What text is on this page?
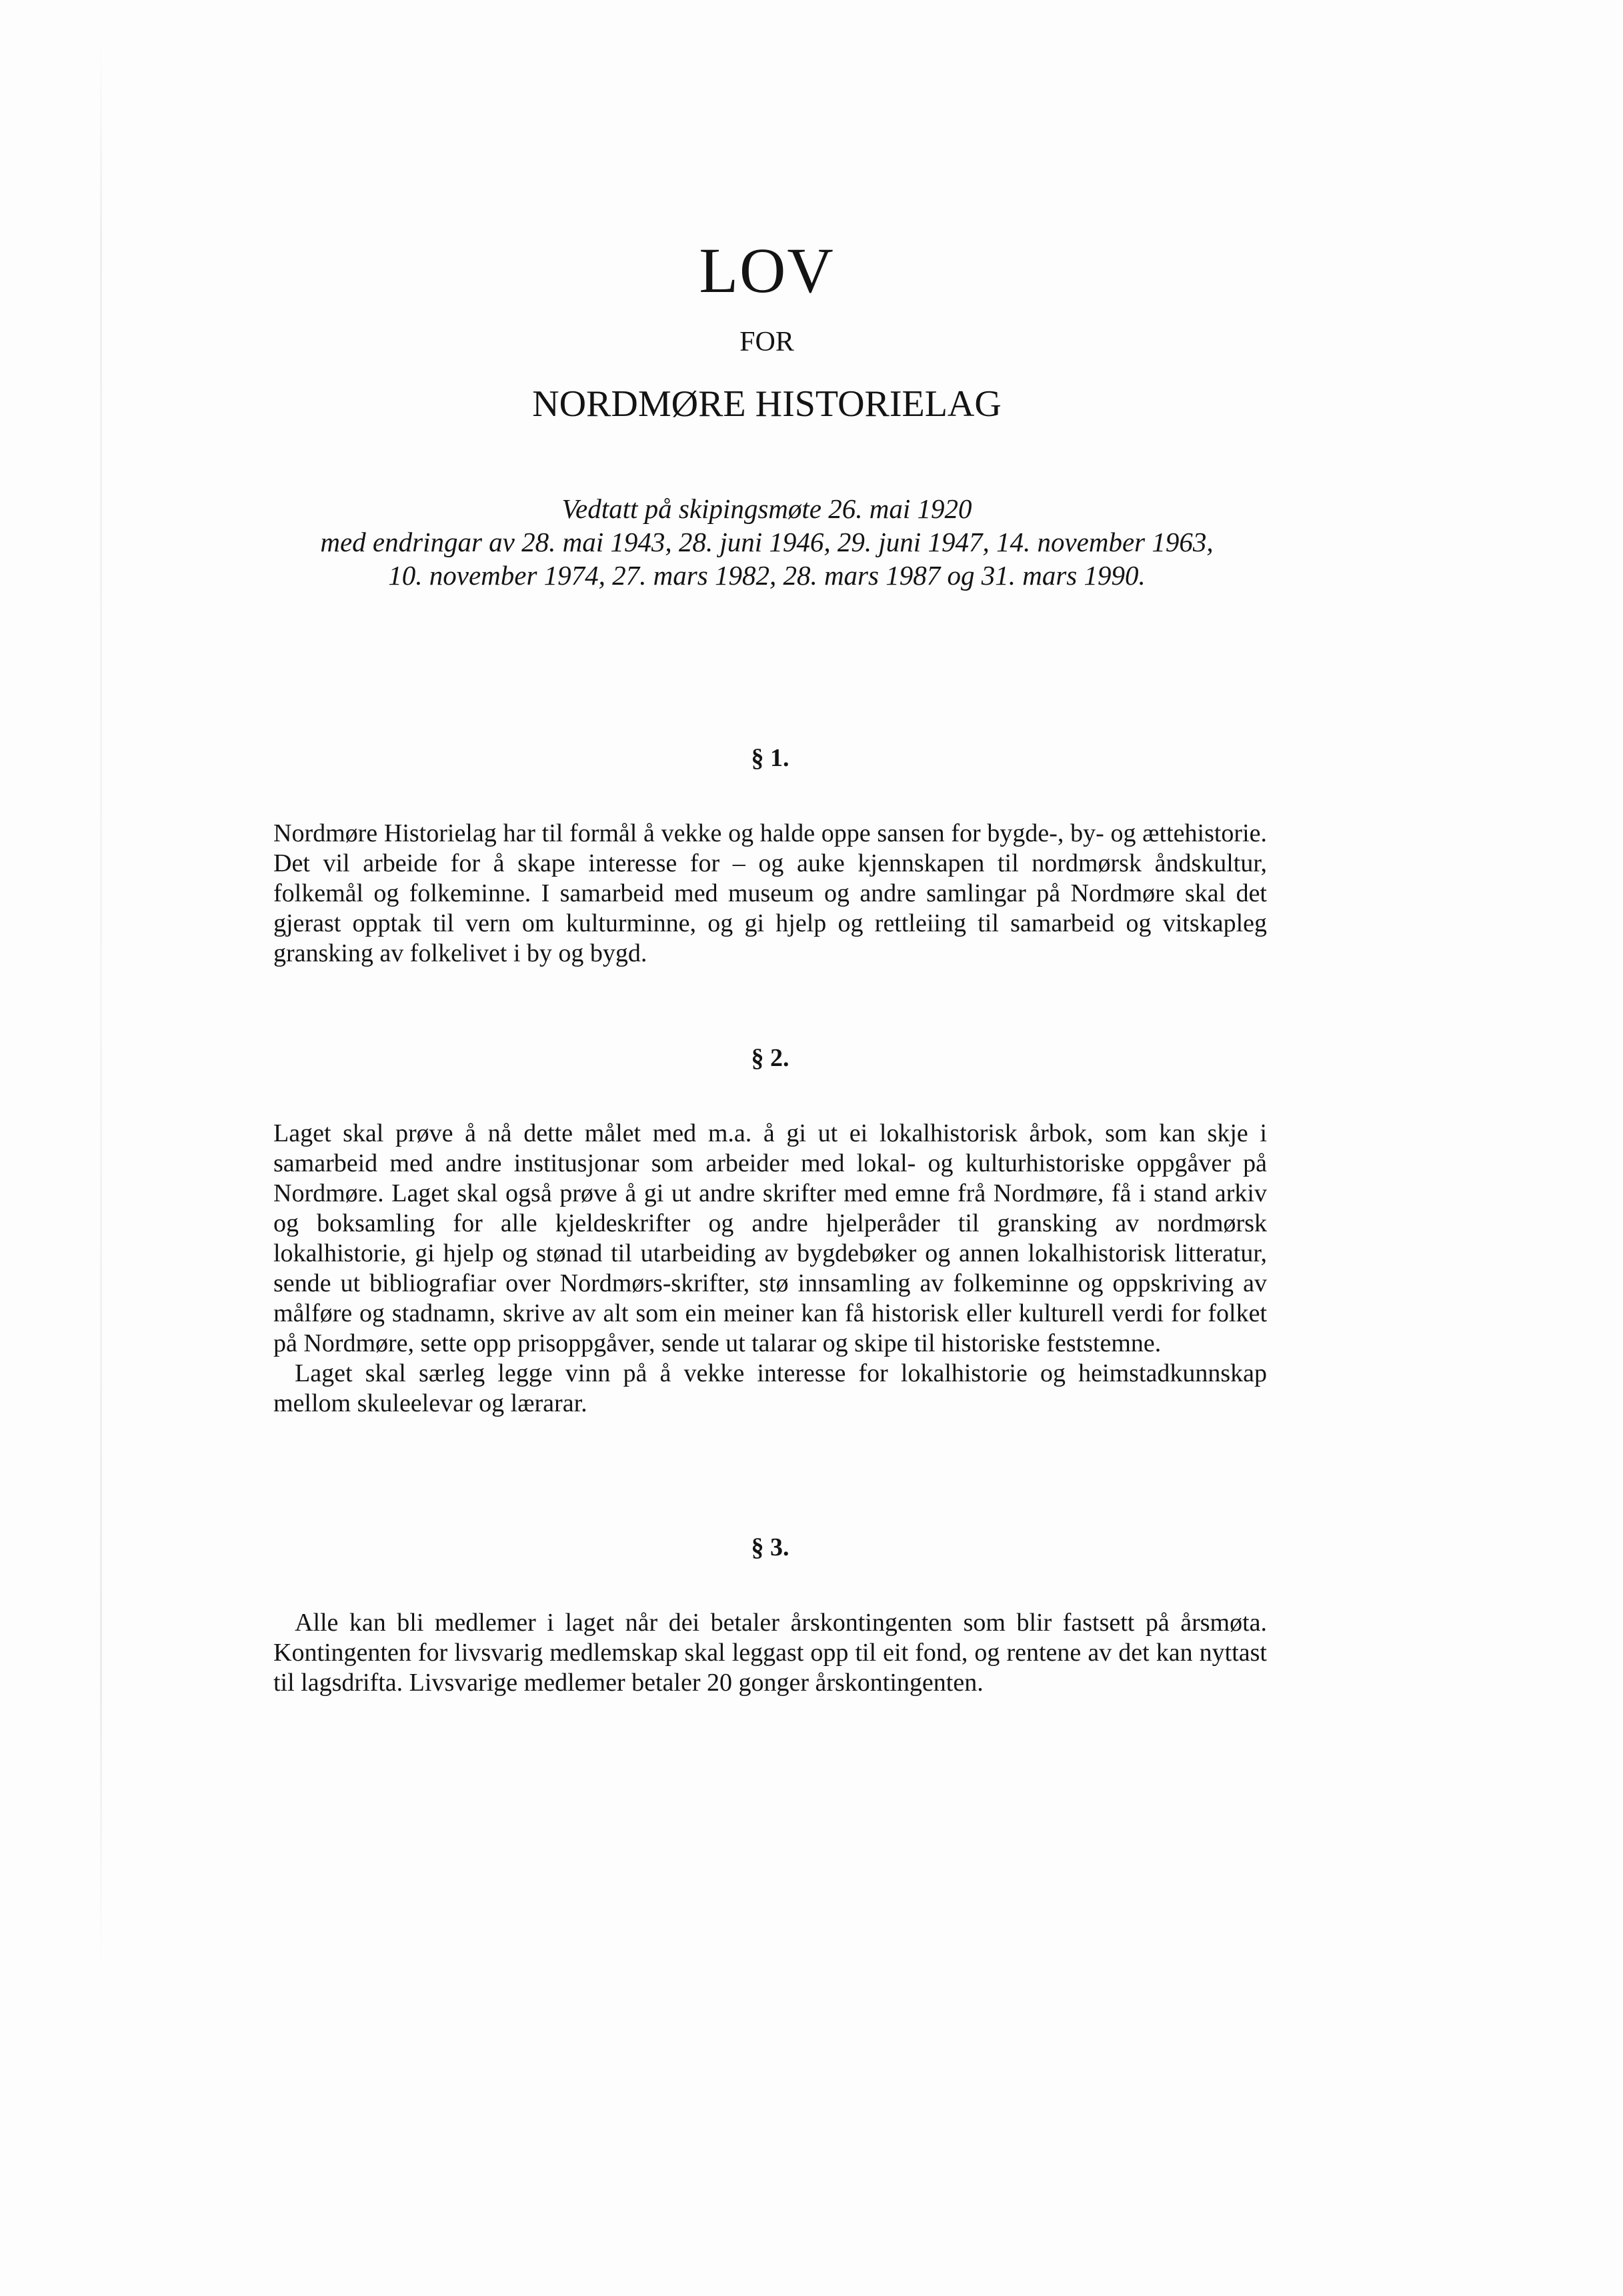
LOV
FOR
NORDMØRE HISTORIELAG
Vedtatt på skipingsmøte 26. mai 1920
med endringar av 28. mai 1943, 28. juni 1946, 29. juni 1947, 14. november 1963,
10. november 1974, 27. mars 1982, 28. mars 1987 og 31. mars 1990.
§ 1.

Nordmøre Historielag har til formål å vekke og halde oppe sansen for bygde-, by- og ættehistorie. Det vil arbeide for å skape interesse for – og auke kjennskapen til nordmørsk åndskultur, folkemål og folkeminne. I samarbeid med museum og andre samlingar på Nordmøre skal det gjerast opptak til vern om kulturminne, og gi hjelp og rettleiing til samarbeid og vitskapleg gransking av folkelivet i by og bygd.

§ 2.

Laget skal prøve å nå dette målet med m.a. å gi ut ei lokalhistorisk årbok, som kan skje i samarbeid med andre institusjonar som arbeider med lokal- og kulturhistoriske oppgåver på Nordmøre. Laget skal også prøve å gi ut andre skrifter med emne frå Nordmøre, få i stand arkiv og boksamling for alle kjeldeskrifter og andre hjelperåder til gransking av nordmørsk lokalhistorie, gi hjelp og stønad til utarbeiding av bygdebøker og annen lokalhistorisk litteratur, sende ut bibliografiar over Nordmørs-skrifter, stø innsamling av folkeminne og oppskriving av målføre og stadnamn, skrive av alt som ein meiner kan få historisk eller kulturell verdi for folket på Nordmøre, sette opp prisoppgåver, sende ut talarar og skipe til historiske feststemne.

Laget skal særleg legge vinn på å vekke interesse for lokalhistorie og heimstadkunnskap mellom skuleelevar og lærarar.

§ 3.

Alle kan bli medlemer i laget når dei betaler årskontingenten som blir fastsett på årsmøta. Kontingenten for livsvarig medlemskap skal leggast opp til eit fond, og rentene av det kan nyttast til lagsdrifta. Livsvarige medlemer betaler 20 gonger årskontingenten.
